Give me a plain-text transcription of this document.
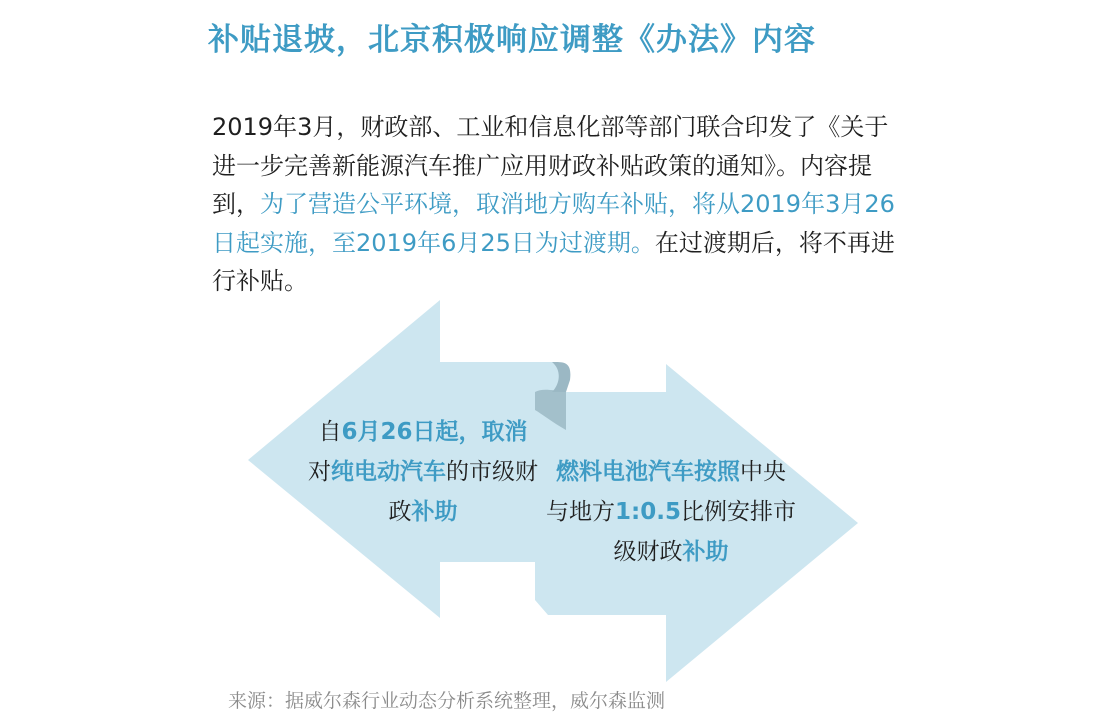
补贴退坡，北京积极响应调整《办法》内容
2019年3月，财政部、工业和信息化部等部门联合印发了《关于进一步完善新能源汽车推广应用财政补贴政策的通知》。内容提到，为了营造公平环境，取消地方购车补贴，将从2019年3月26日起实施，至2019年6月25日为过渡期。在过渡期后，将不再进行补贴。
自6月26日起，取消对纯电动汽车的市级财政补助
燃料电池汽车按照中央与地方1:0.5比例安排市级财政补助
来源：据威尔森行业动态分析系统整理，威尔森监测
